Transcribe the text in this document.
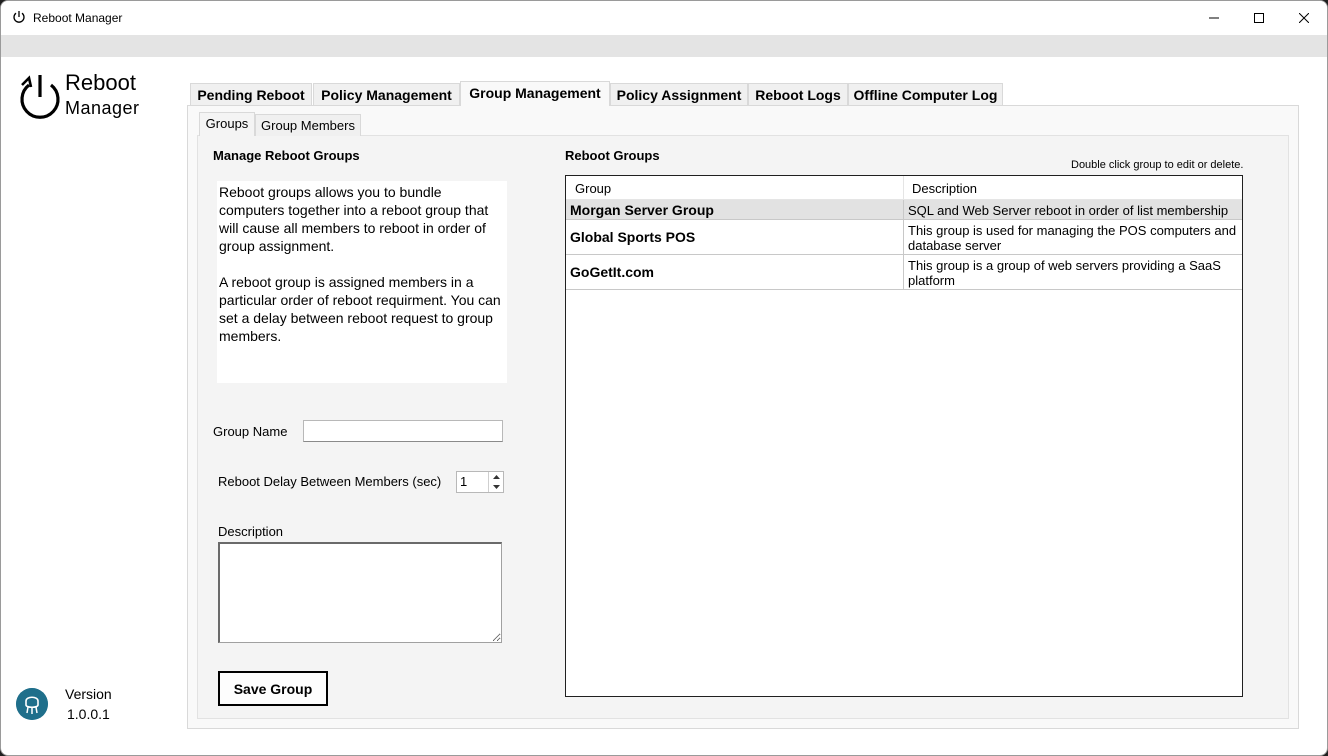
Reboot Manager
Reboot
Manager
Version
1.0.0.1
Pending Reboot	Policy Management	Group Management	Policy Assignment Reboot Logs Offline Computer Log
Groups Group Members
Manage Reboot Groups

Reboot groups allows you to bundle computers together into a reboot group that will cause all members to reboot in order of group assignment.

A reboot group is assigned members in a particular order of reboot requirment. You can set a delay between reboot request to group members.

Group Name
Reboot Delay Between Members (sec) 1
Description
Save Group
Reboot Groups
Double click group to edit or delete.
Group	Description
Morgan Server Group	SQL and Web Server reboot in order of list membership
Global Sports POS	This group is used for managing the POS computers and database server
GoGetIt.com	This group is a group of web servers providing a SaaS platform
